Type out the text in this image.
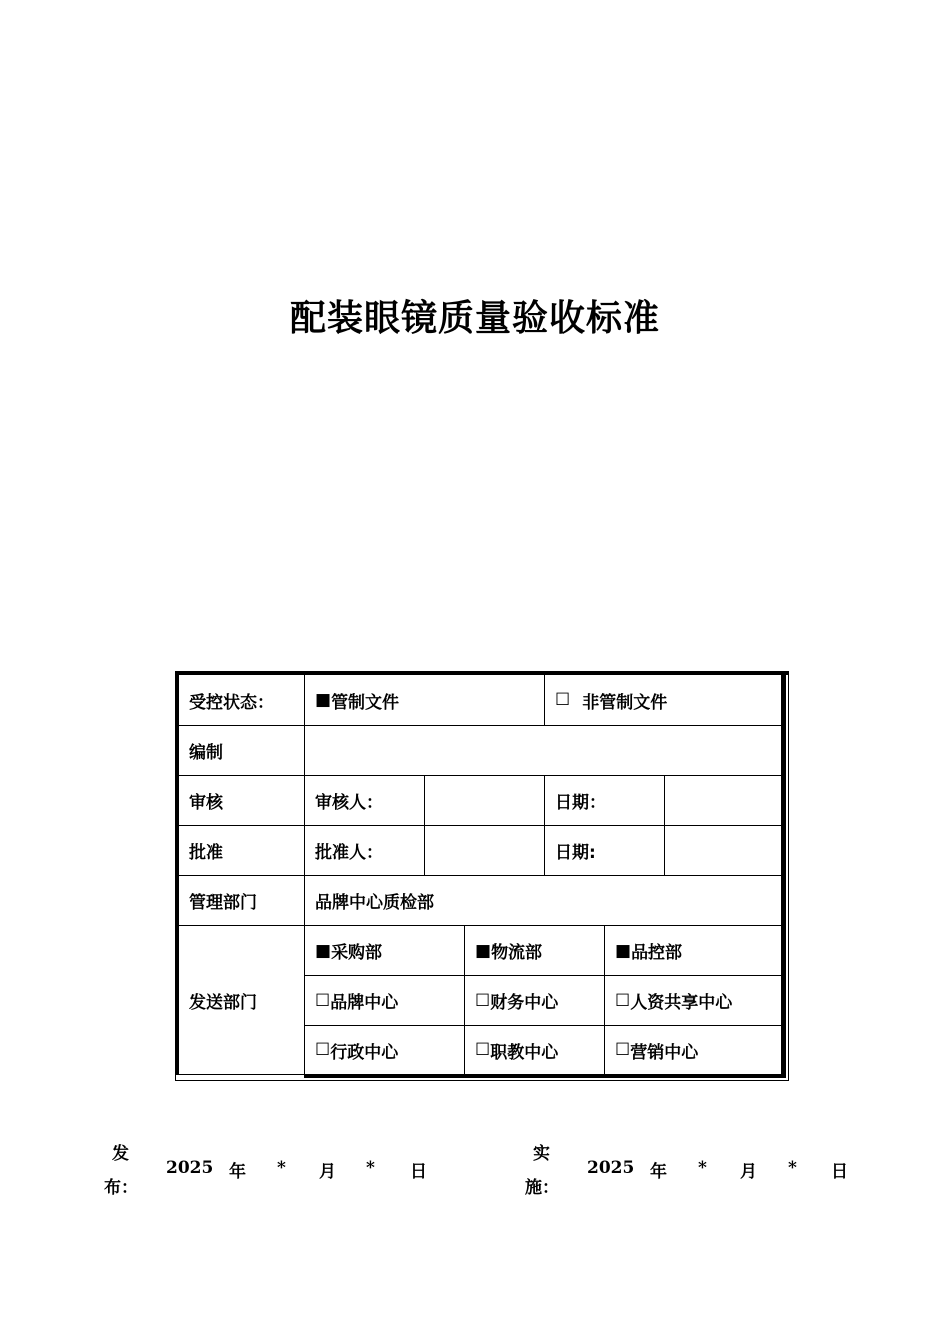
配装眼镜质量验收标准
受控状态： ■ 管制文件	☐ 非管制文件
编制
审核	审核人：	日期：
批准	批准人：	日期:
管理部门	品牌中心质检部
发送部门
■ 采购部	■ 物流部	■ 品控部
☐ 品牌中心	☐ 财务中心	☐ 人资共享中心
☐ 行政中心	☐ 职教中心	☐ 营销中心
发
布：
2025 年 * 月 * 日
实
施：
2025 年 * 月 * 日
